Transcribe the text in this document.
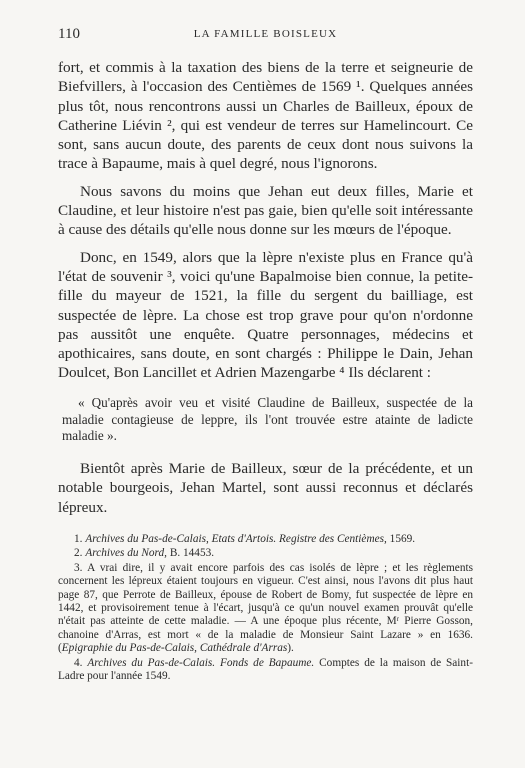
110	LA FAMILLE BOISLEUX

fort, et commis à la taxation des biens de la terre et seigneurie de Biefvillers, à l'occasion des Centièmes de 1569 ¹. Quelques années plus tôt, nous rencontrons aussi un Charles de Bailleux, époux de Catherine Liévin ², qui est vendeur de terres sur Hamelincourt. Ce sont, sans aucun doute, des parents de ceux dont nous suivons la trace à Bapaume, mais à quel degré, nous l'ignorons.

Nous savons du moins que Jehan eut deux filles, Marie et Claudine, et leur histoire n'est pas gaie, bien qu'elle soit intéressante à cause des détails qu'elle nous donne sur les mœurs de l'époque.

Donc, en 1549, alors que la lèpre n'existe plus en France qu'à l'état de souvenir ³, voici qu'une Bapalmoise bien connue, la petite-fille du mayeur de 1521, la fille du sergent du bailliage, est suspectée de lèpre. La chose est trop grave pour qu'on n'ordonne pas aussitôt une enquête. Quatre personnages, médecins et apothicaires, sans doute, en sont chargés : Philippe le Dain, Jehan Doulcet, Bon Lancillet et Adrien Mazengarbe ⁴ Ils déclarent :

« Qu'après avoir veu et visité Claudine de Bailleux, suspectée de la maladie contagieuse de leppre, ils l'ont trouvée estre atainte de ladicte maladie ».

Bientôt après Marie de Bailleux, sœur de la précédente, et un notable bourgeois, Jehan Martel, sont aussi reconnus et déclarés lépreux.

1. Archives du Pas-de-Calais, Etats d'Artois. Registre des Centièmes, 1569.

2. Archives du Nord, B. 14453.

3. A vrai dire, il y avait encore parfois des cas isolés de lèpre ; et les règlements concernent les lépreux étaient toujours en vigueur. C'est ainsi, nous l'avons dit plus haut page 87, que Perrote de Bailleux, épouse de Robert de Bomy, fut suspectée de lèpre en 1442, et provisoirement tenue à l'écart, jusqu'à ce qu'un nouvel examen prouvât qu'elle n'était pas atteinte de cette maladie. — A une époque plus récente, Mʳ Pierre Gosson, chanoine d'Arras, est mort « de la maladie de Monsieur Saint Lazare » en 1636. (Epigraphie du Pas-de-Calais, Cathédrale d'Arras).

4. Archives du Pas-de-Calais. Fonds de Bapaume. Comptes de la maison de Saint-Ladre pour l'année 1549.
